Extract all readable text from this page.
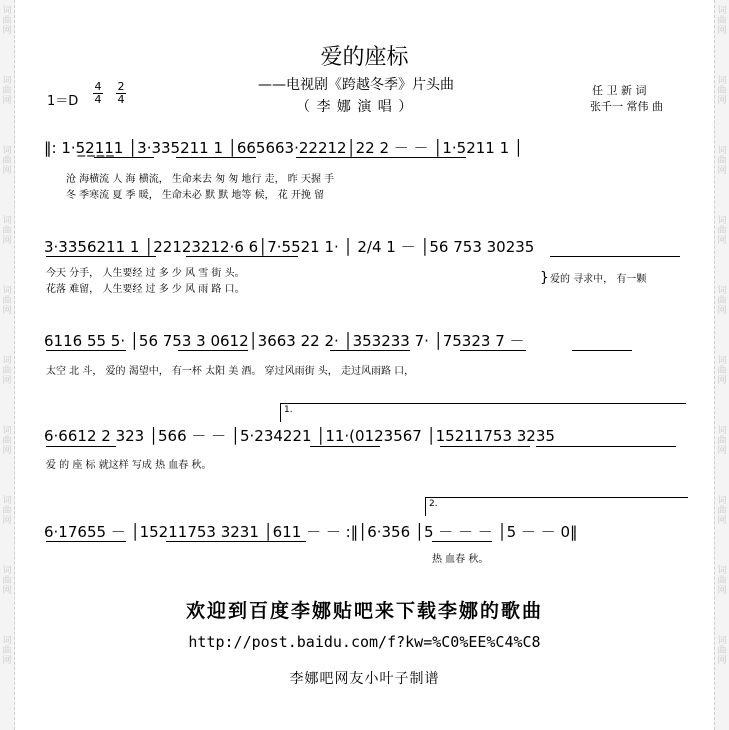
词
曲
网
词
曲
网
词
曲
网
词
曲
网
词
曲
网
词
曲
网
词
曲
网
词
曲
网
词
曲
网
词
曲
网
词
曲
网
词
曲
网
词
曲
网
词
曲
网
词
曲
网
词
曲
网
词
曲
网
词
曲
网
词
曲
网
词
曲
网
爱的座标
——电视剧《跨越冬季》片头曲
（ 李 娜 演 唱 ）
任 卫 新 词
张千一 常伟 曲
$1=D \frac{4}{4} \frac{2}{4}$
‖: 1·5̲2̲1̲1̲1 │3·335211 1 │665663·22212│22 2 － － │1·5211 1 │
沧 海横流 人 海 横流， 生命来去 匆 匆 地行 走， 昨 天握 手
冬 季寒流 夏 季 暖， 生命未必 默 默 地等 候， 花 开挽 留
3·3356211 1 │22123212·6 6│7·5521 1· │ 2/4 1 － │56 753 30235
今天 分手， 人生要经 过 多 少 风 雪 街 头。
花落 难留， 人生要经 过 多 少 风 雨 路 口。
} 爱的 寻求中， 有一颗
6116 55 5· │56 753 3 0612│3663 22 2· │353233 7· │75323 7 －
太空 北 斗， 爱的 渴望中， 有一杯 太阳 美 酒。 穿过风雨街 头， 走过风雨路 口，
1.
6·6612 2 323 │566 － － │5·234221 │11·(0123567 │15211753 3235
爱 的 座 标 就这样 写成 热 血春 秋。
2.
6·17655 － │15211753 3231 │611 － － :‖│6·356 │5 － － － │5 － － 0‖
热 血春 秋。
欢迎到百度李娜贴吧来下载李娜的歌曲
http://post.baidu.com/f?kw=%C0%EE%C4%C8
李娜吧网友小叶子制谱
